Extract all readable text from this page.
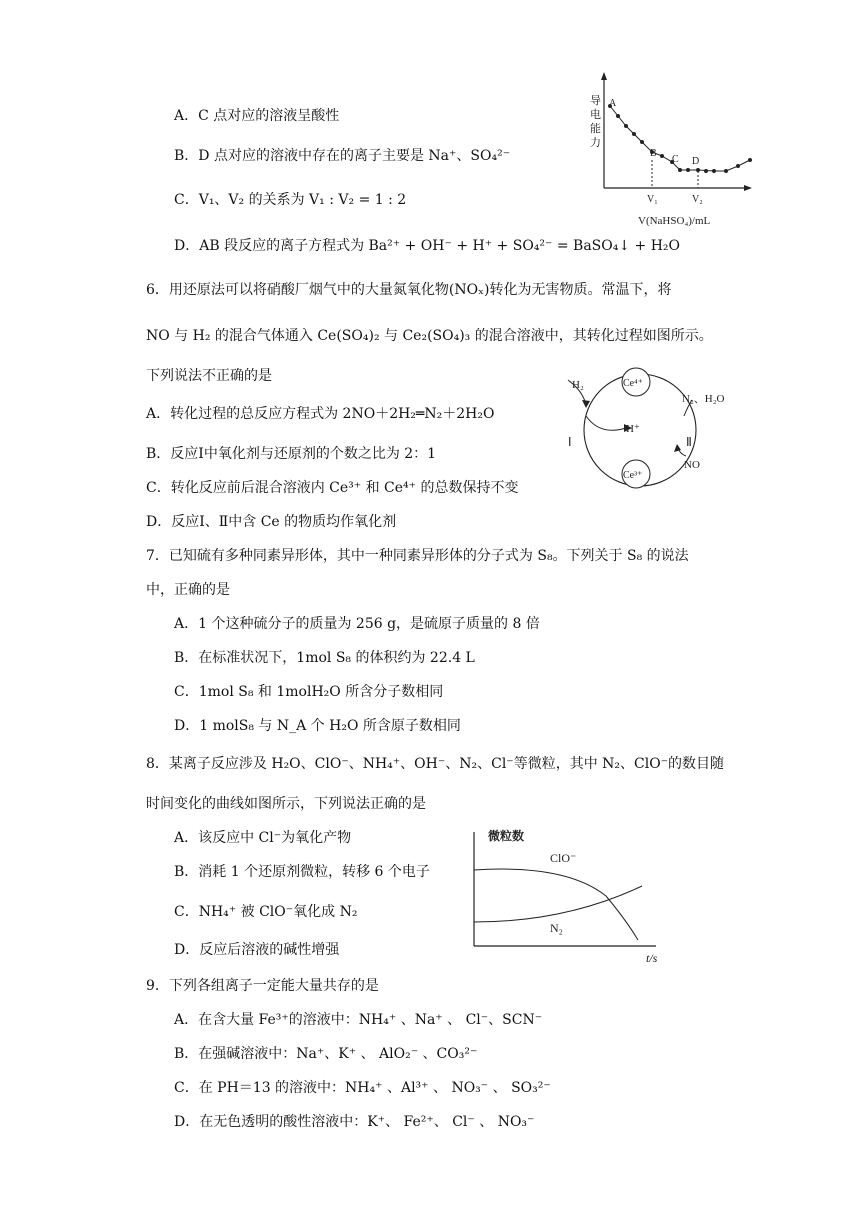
A．C 点对应的溶液呈酸性
B．D 点对应的溶液中存在的离子主要是 Na⁺、SO₄²⁻
C．V₁、V₂ 的关系为 V₁ : V₂ = 1 : 2
D．AB 段反应的离子方程式为 Ba²⁺ + OH⁻ + H⁺ + SO₄²⁻ = BaSO₄↓ + H₂O
导
电
能
力
A
B
C D
V₁	V₂
V(NaHSO₄)/mL
6．用还原法可以将硝酸厂烟气中的大量氮氧化物(NOₓ)转化为无害物质。常温下，将
NO 与 H₂ 的混合气体通入 Ce(SO₄)₂ 与 Ce₂(SO₄)₃ 的混合溶液中，其转化过程如图所示。
下列说法不正确的是
A．转化过程的总反应方程式为 2NO＋2H₂═N₂＋2H₂O
B．反应Ⅰ中氧化剂与还原剂的个数之比为 2：1
C．转化反应前后混合溶液内 Ce³⁺ 和 Ce⁴⁺ 的总数保持不变
D．反应Ⅰ、Ⅱ中含 Ce 的物质均作氧化剂
Ce⁴⁺
Ce³⁺
H₂
H⁺
N₂、H₂O
NO
Ⅰ	Ⅱ
7．已知硫有多种同素异形体，其中一种同素异形体的分子式为 S₈。下列关于 S₈ 的说法
中，正确的是
A．1 个这种硫分子的质量为 256 g，是硫原子质量的 8 倍
B．在标准状况下，1mol S₈ 的体积约为 22.4 L
C．1mol S₈ 和 1molH₂O 所含分子数相同
D．1 molS₈ 与 N_A 个 H₂O 所含原子数相同
8．某离子反应涉及 H₂O、ClO⁻、NH₄⁺、OH⁻、N₂、Cl⁻等微粒，其中 N₂、ClO⁻的数目随
时间变化的曲线如图所示，下列说法正确的是
A．该反应中 Cl⁻为氧化产物
B．消耗 1 个还原剂微粒，转移 6 个电子
C．NH₄⁺ 被 ClO⁻氧化成 N₂
D．反应后溶液的碱性增强
微粒数
ClO⁻
N₂
t/s
9．下列各组离子一定能大量共存的是
A．在含大量 Fe³⁺的溶液中：NH₄⁺ 、Na⁺ 、 Cl⁻、SCN⁻
B．在强碱溶液中：Na⁺、K⁺ 、 AlO₂⁻ 、CO₃²⁻
C．在 PH＝13 的溶液中：NH₄⁺ 、Al³⁺ 、 NO₃⁻ 、 SO₃²⁻
D．在无色透明的酸性溶液中：K⁺、 Fe²⁺、 Cl⁻ 、 NO₃⁻
